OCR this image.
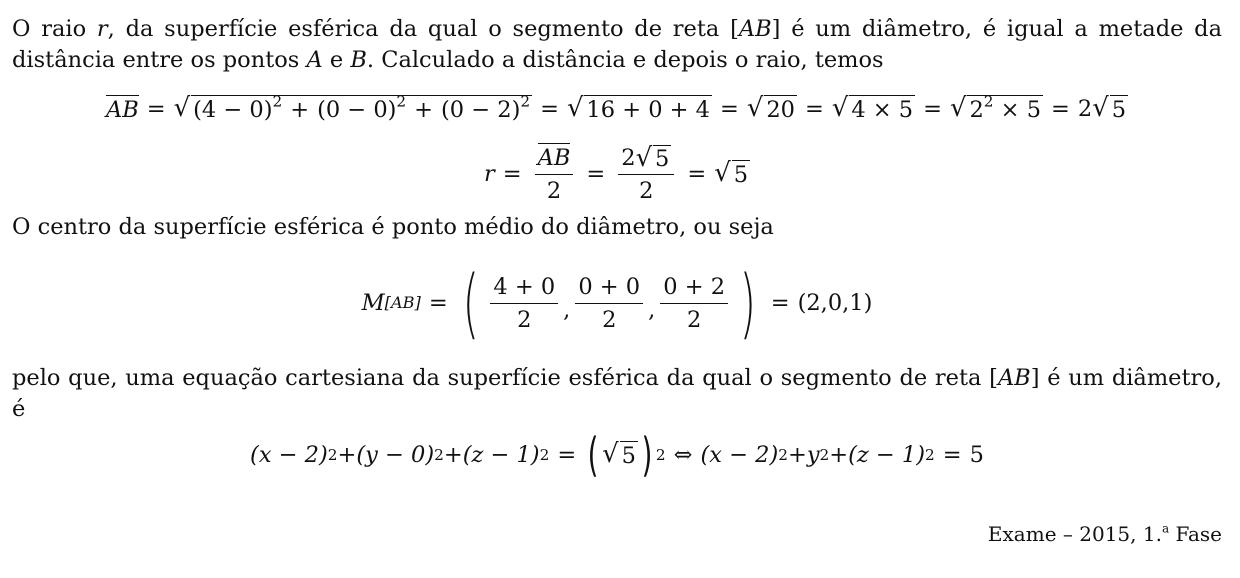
O raio r, da superfície esférica da qual o segmento de reta [AB] é um diâmetro, é igual a metade da distância entre os pontos A e B. Calculado a distância e depois o raio, temos

AB = √ $(4 - 0)^2 + (0 - 0)^2 + (0 - 2)^2$ = √ 16 + 0 + 4 = √ 20 = √ 4 × 5 = √ $2^2 \times 5 = 2$ √ 5
$r = \frac{AB}{2} = \frac{2 √ 5}{2}$ = √ 5

O centro da superfície esférica é ponto médio do diâmetro, ou seja

M [AB] = ( $\frac{4 + 0}{2}$ , $\frac{0 + 0}{2}$ , $\frac{0 + 2}{2}$ ) = (2,0,1)

pelo que, uma equação cartesiana da superfície esférica da qual o segmento de reta [AB] é um diâmetro, é

(x − 2) 2 + (y − 0) 2 + (z − 1) 2 = ( √ 5 ) 2 ⇔ (x − 2) 2 + y 2 + (z − 1) 2 = 5
Exame – 2015, 1.$^a$ Fase
